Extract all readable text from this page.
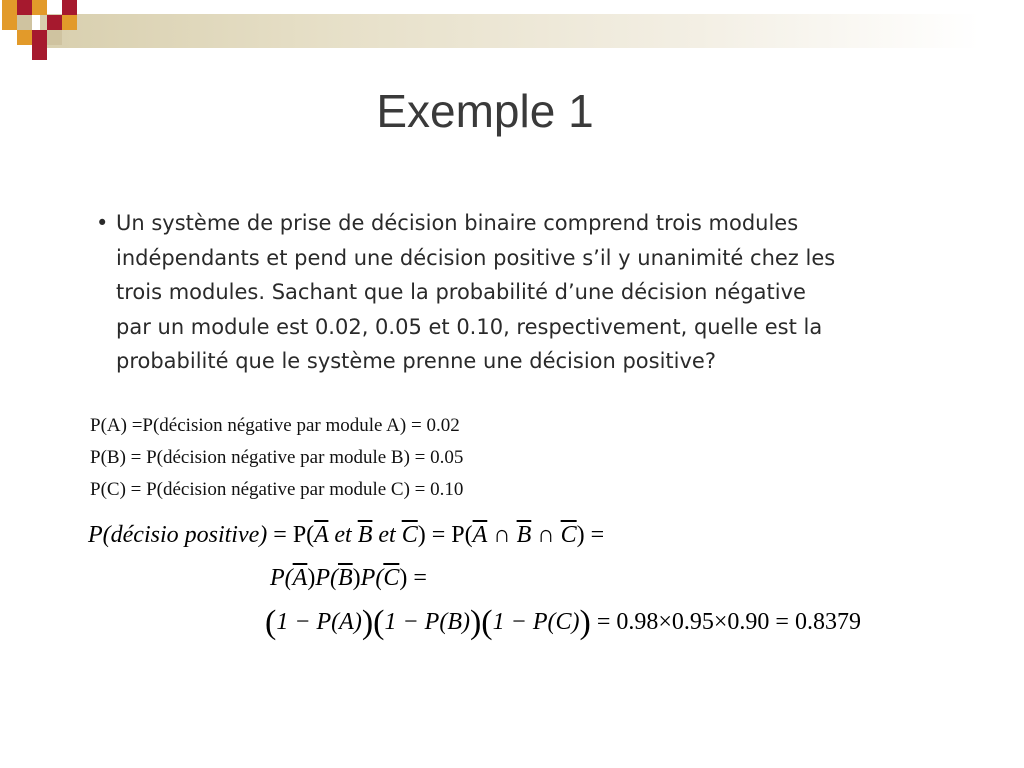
Exemple 1
• Un système de prise de décision binaire comprend trois modules
indépendants et pend une décision positive s’il y unanimité chez les
trois modules. Sachant que la probabilité d’une décision négative
par un module est 0.02, 0.05 et 0.10, respectivement, quelle est la
probabilité que le système prenne une décision positive?
P(A) =P(décision négative par module A) = 0.02
P(B) = P(décision négative par module B) = 0.05
P(C) = P(décision négative par module C) = 0.10
P(décisio positive) = $P(\overline{A}$ et $\overline{B}$ et $\overline{C}) = P(\overline{A}$ ∩ $\overline{B}$ ∩ $\overline{C}$) =
$P(\overline{A})P(\overline{B})P(\overline{C})$ =
(1 − P(A))(1 − P(B))(1 − P(C)) = 0.98×0.95×0.90 = 0.8379
